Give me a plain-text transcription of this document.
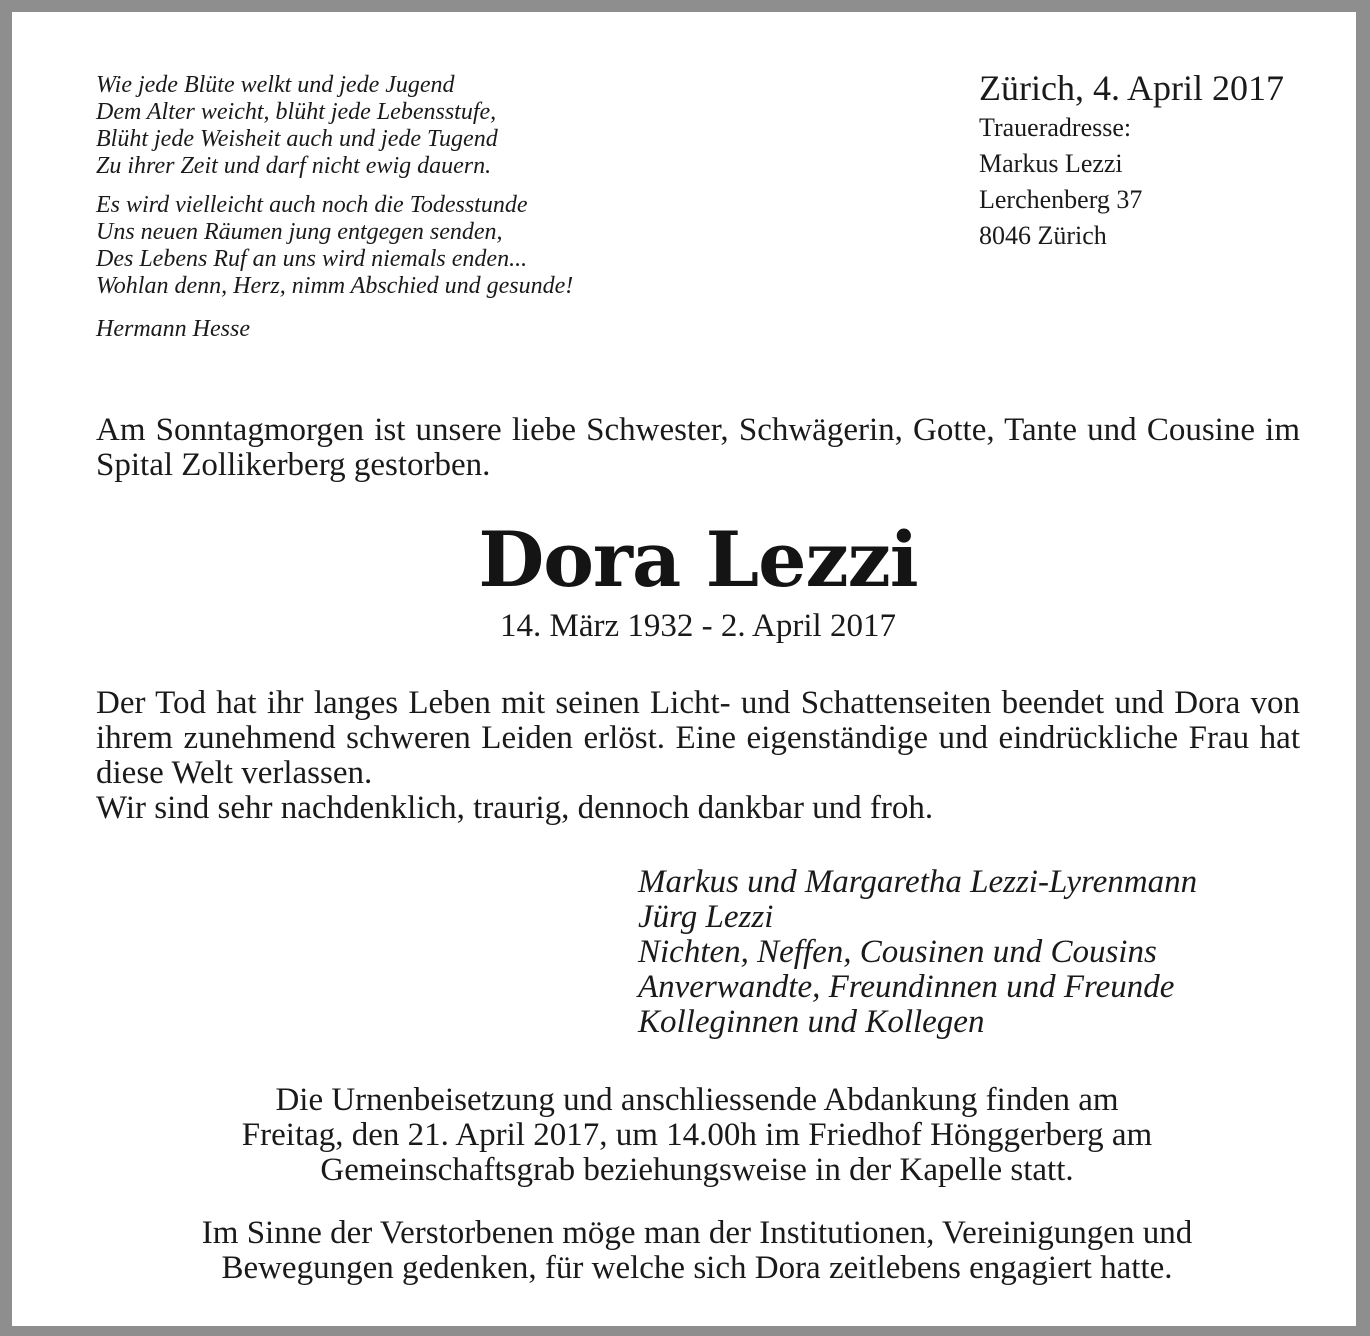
Wie jede Blüte welkt und jede Jugend
Dem Alter weicht, blüht jede Lebensstufe,
Blüht jede Weisheit auch und jede Tugend
Zu ihrer Zeit und darf nicht ewig dauern.
Es wird vielleicht auch noch die Todesstunde
Uns neuen Räumen jung entgegen senden,
Des Lebens Ruf an uns wird niemals enden...
Wohlan denn, Herz, nimm Abschied und gesunde!
Hermann Hesse
Zürich, 4. April 2017
Traueradresse:
Markus Lezzi
Lerchenberg 37
8046 Zürich
Am Sonntagmorgen ist unsere liebe Schwester, Schwägerin, Gotte, Tante und Cousine im Spital Zollikerberg gestorben.
Dora Lezzi
14. März 1932 - 2. April 2017
Der Tod hat ihr langes Leben mit seinen Licht- und Schattenseiten beendet und Dora von ihrem zunehmend schweren Leiden erlöst. Eine eigenständige und eindrückliche Frau hat diese Welt verlassen.
Wir sind sehr nachdenklich, traurig, dennoch dankbar und froh.
Markus und Margaretha Lezzi-Lyrenmann
Jürg Lezzi
Nichten, Neffen, Cousinen und Cousins
Anverwandte, Freundinnen und Freunde
Kolleginnen und Kollegen
Die Urnenbeisetzung und anschliessende Abdankung finden am
Freitag, den 21. April 2017, um 14.00h im Friedhof Hönggerberg am
Gemeinschaftsgrab beziehungsweise in der Kapelle statt.
Im Sinne der Verstorbenen möge man der Institutionen, Vereinigungen und
Bewegungen gedenken, für welche sich Dora zeitlebens engagiert hatte.
